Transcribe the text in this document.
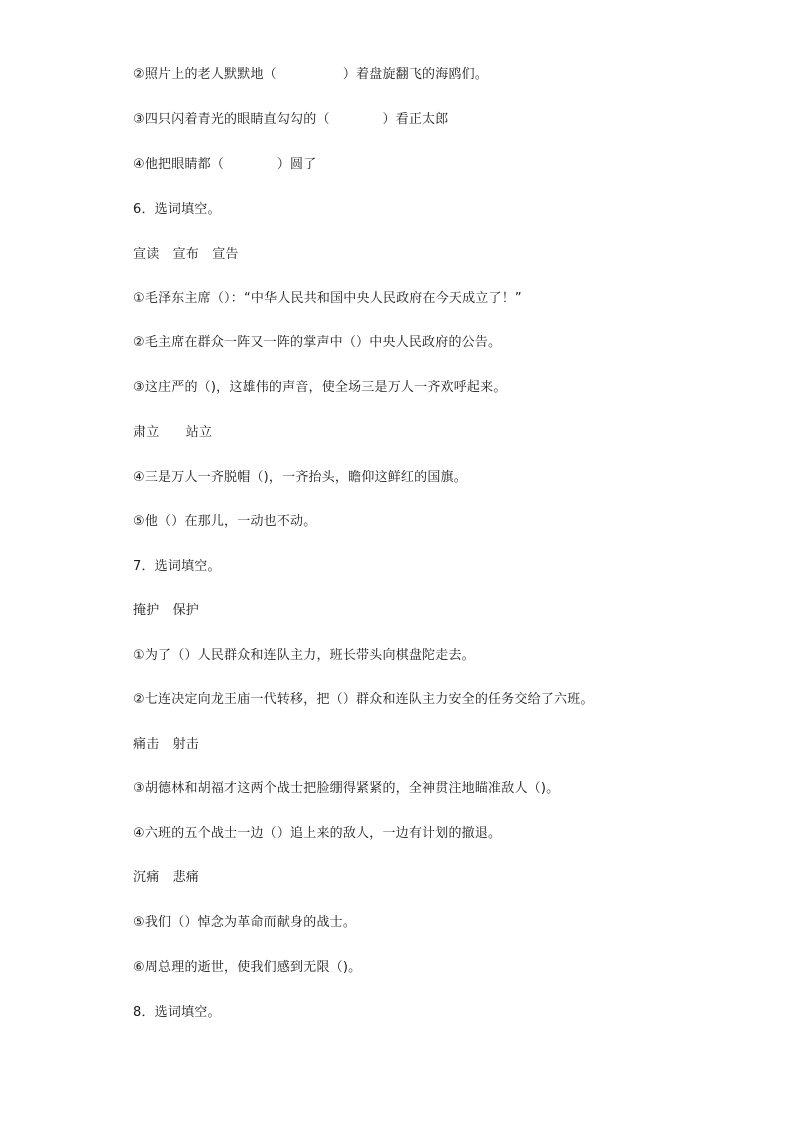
②照片上的老人默默地（　　　　　）着盘旋翻飞的海鸥们。
③四只闪着青光的眼睛直勾勾的（　　　　）看正太郎
④他把眼睛都（　　　　）圆了
6．选词填空。
宣读　宣布　宣告
①毛泽东主席（）：“中华人民共和国中央人民政府在今天成立了！”
②毛主席在群众一阵又一阵的掌声中（）中央人民政府的公告。
③这庄严的（)，这雄伟的声音，使全场三是万人一齐欢呼起来。
肃立　　站立
④三是万人一齐脱帽（)，一齐抬头，瞻仰这鲜红的国旗。
⑤他（）在那儿，一动也不动。
7．选词填空。
掩护　保护
①为了（）人民群众和连队主力，班长带头向棋盘陀走去。
②七连决定向龙王庙一代转移，把（）群众和连队主力安全的任务交给了六班。
痛击　射击
③胡德林和胡福才这两个战士把脸绷得紧紧的，全神贯注地瞄准敌人（)。
④六班的五个战士一边（）追上来的敌人，一边有计划的撤退。
沉痛　悲痛
⑤我们（）悼念为革命而献身的战士。
⑥周总理的逝世，使我们感到无限（)。
8．选词填空。
